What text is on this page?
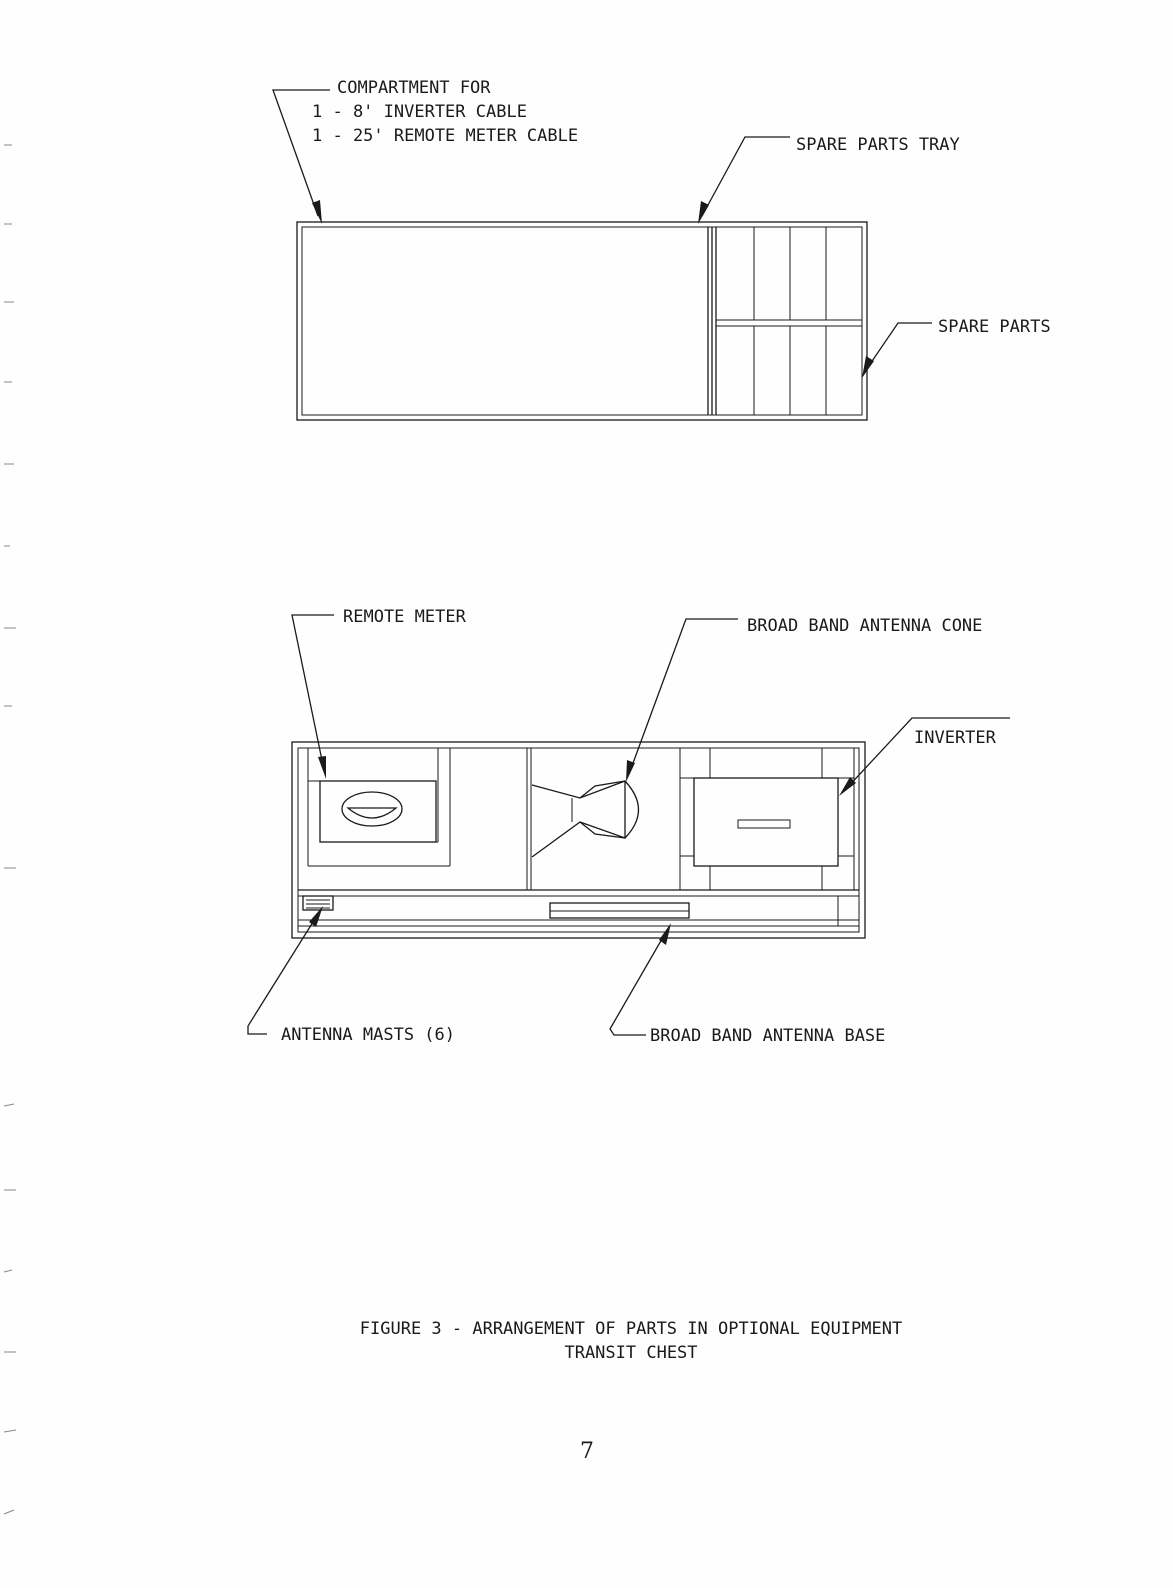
COMPARTMENT FOR
1 - 8' INVERTER CABLE
1 - 25' REMOTE METER CABLE	SPARE PARTS TRAY
SPARE PARTS
REMOTE METER	BROAD BAND ANTENNA CONE
INVERTER
ANTENNA MASTS (6)	BROAD BAND ANTENNA BASE
FIGURE 3 - ARRANGEMENT OF PARTS IN OPTIONAL EQUIPMENT
TRANSIT CHEST
7
